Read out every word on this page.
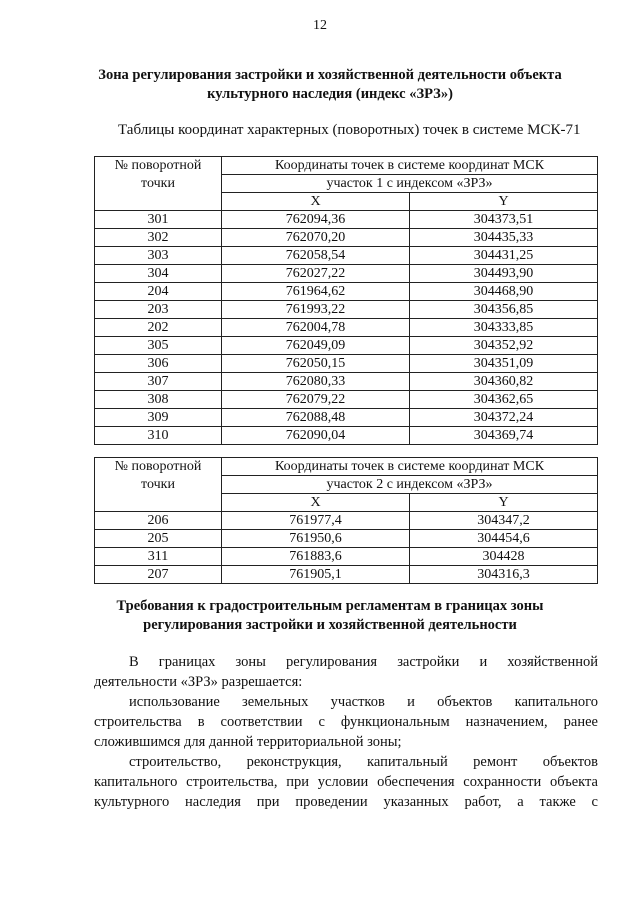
12
Зона регулирования застройки и хозяйственной деятельности объекта
культурного наследия (индекс «ЗРЗ»)
Таблицы координат характерных (поворотных) точек в системе МСК-71
№ поворотной
точки	Координаты точек в системе координат МСК	
	участок 1 с индексом «ЗРЗ»	
	X	Y
301	762094,36	304373,51
302	762070,20	304435,33
303	762058,54	304431,25
304	762027,22	304493,90
204	761964,62	304468,90
203	761993,22	304356,85
202	762004,78	304333,85
305	762049,09	304352,92
306	762050,15	304351,09
307	762080,33	304360,82
308	762079,22	304362,65
309	762088,48	304372,24
310	762090,04	304369,74
№ поворотной
точки	Координаты точек в системе координат МСК	
	участок 2 с индексом «ЗРЗ»	
	X	Y
206	761977,4	304347,2
205	761950,6	304454,6
311	761883,6	304428
207	761905,1	304316,3
Требования к градостроительным регламентам в границах зоны
регулирования застройки и хозяйственной деятельности

В границах зоны регулирования застройки и хозяйственной

деятельности «ЗРЗ» разрешается:

использование земельных участков и объектов капитального

строительства в соответствии с функциональным назначением, ранее

сложившимся для данной территориальной зоны;

строительство, реконструкция, капитальный ремонт объектов

капитального строительства, при условии обеспечения сохранности объекта

культурного наследия при проведении указанных работ, а также с
